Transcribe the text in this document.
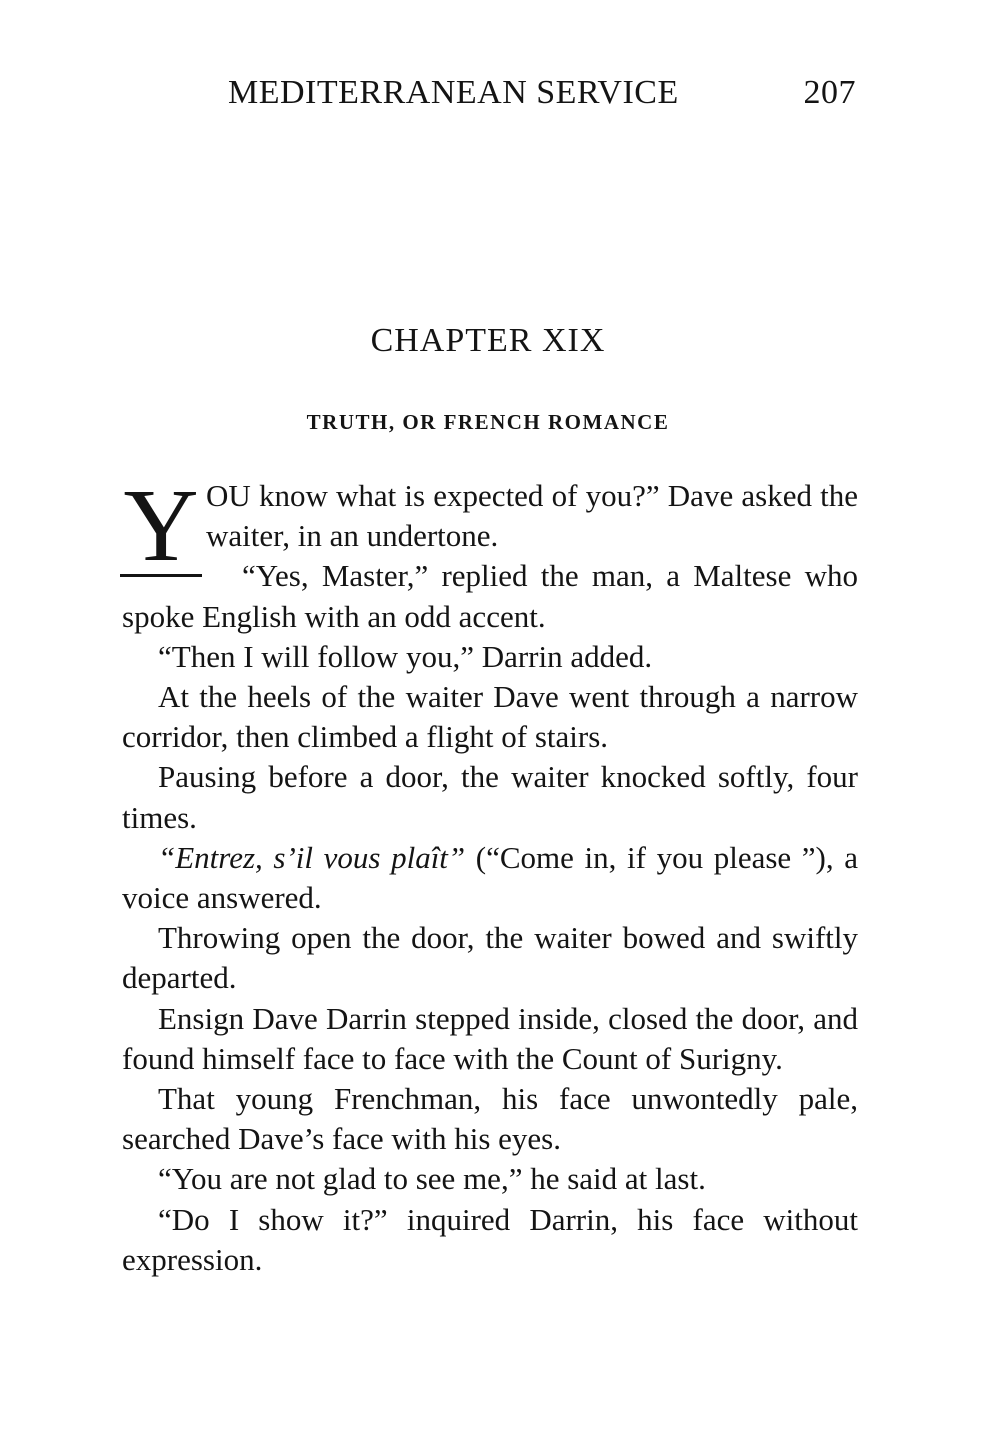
MEDITERRANEAN SERVICE	207
CHAPTER XIX
TRUTH, OR FRENCH ROMANCE

Y OU know what is expected of you?” Dave asked the waiter, in an undertone.

“Yes, Master,” replied the man, a Maltese who spoke English with an odd accent.

“Then I will follow you,” Darrin added.

At the heels of the waiter Dave went through a narrow corridor, then climbed a flight of stairs.

Pausing before a door, the waiter knocked softly, four times.

“Entrez, s’il vous plaît” (“Come in, if you please ”), a voice answered.

Throwing open the door, the waiter bowed and swiftly departed.

Ensign Dave Darrin stepped inside, closed the door, and found himself face to face with the Count of Surigny.

That young Frenchman, his face unwontedly pale, searched Dave’s face with his eyes.

“You are not glad to see me,” he said at last.

“Do I show it?” inquired Darrin, his face without expression.
